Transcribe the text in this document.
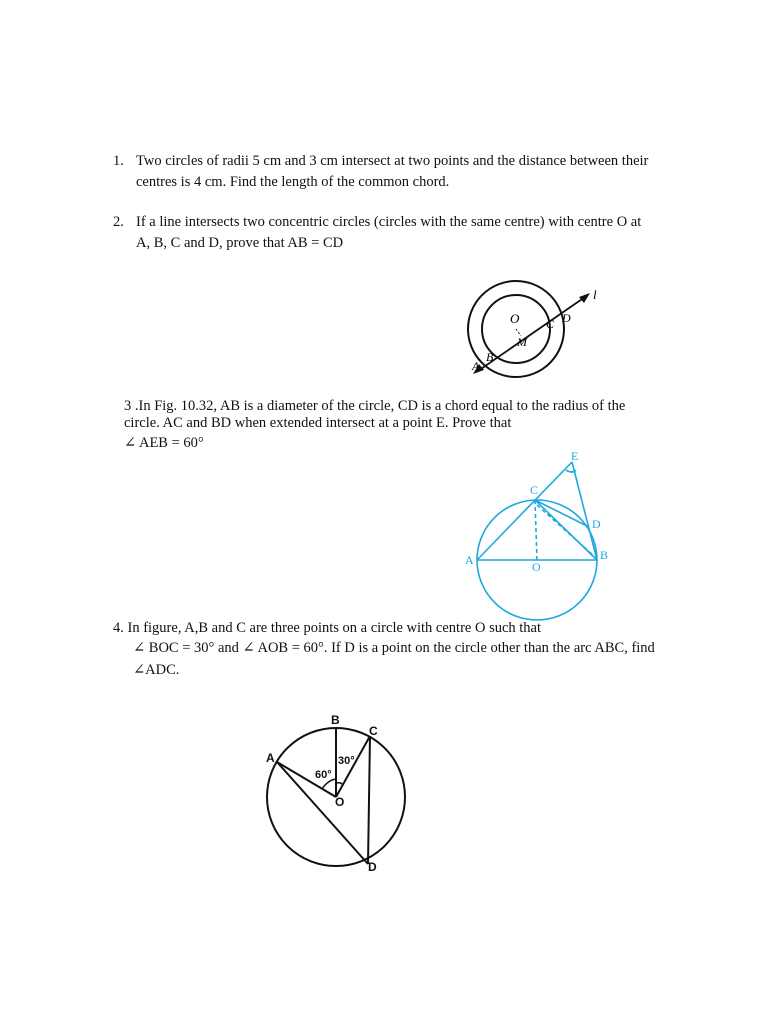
1. Two circles of radii 5 cm and 3 cm intersect at two points and the distance between their
centres is 4 cm. Find the length of the common chord.
2. If a line intersects two concentric circles (circles with the same centre) with centre O at
A, B, C and D, prove that AB = CD
l
O
M
C D
B
A
3 .In Fig. 10.32, AB is a diameter of the circle, CD is a chord equal to the radius of the
circle. AC and BD when extended intersect at a point E. Prove that
∠ AEB = 60°
E
C
D
A	O
B
4. In figure, A,B and C are three points on a circle with centre O such that
∠ BOC = 30° and ∠ AOB = 60°. If D is a point on the circle other than the arc ABC, find
∠ADC.
B
C
A
D
O
60°
30°
